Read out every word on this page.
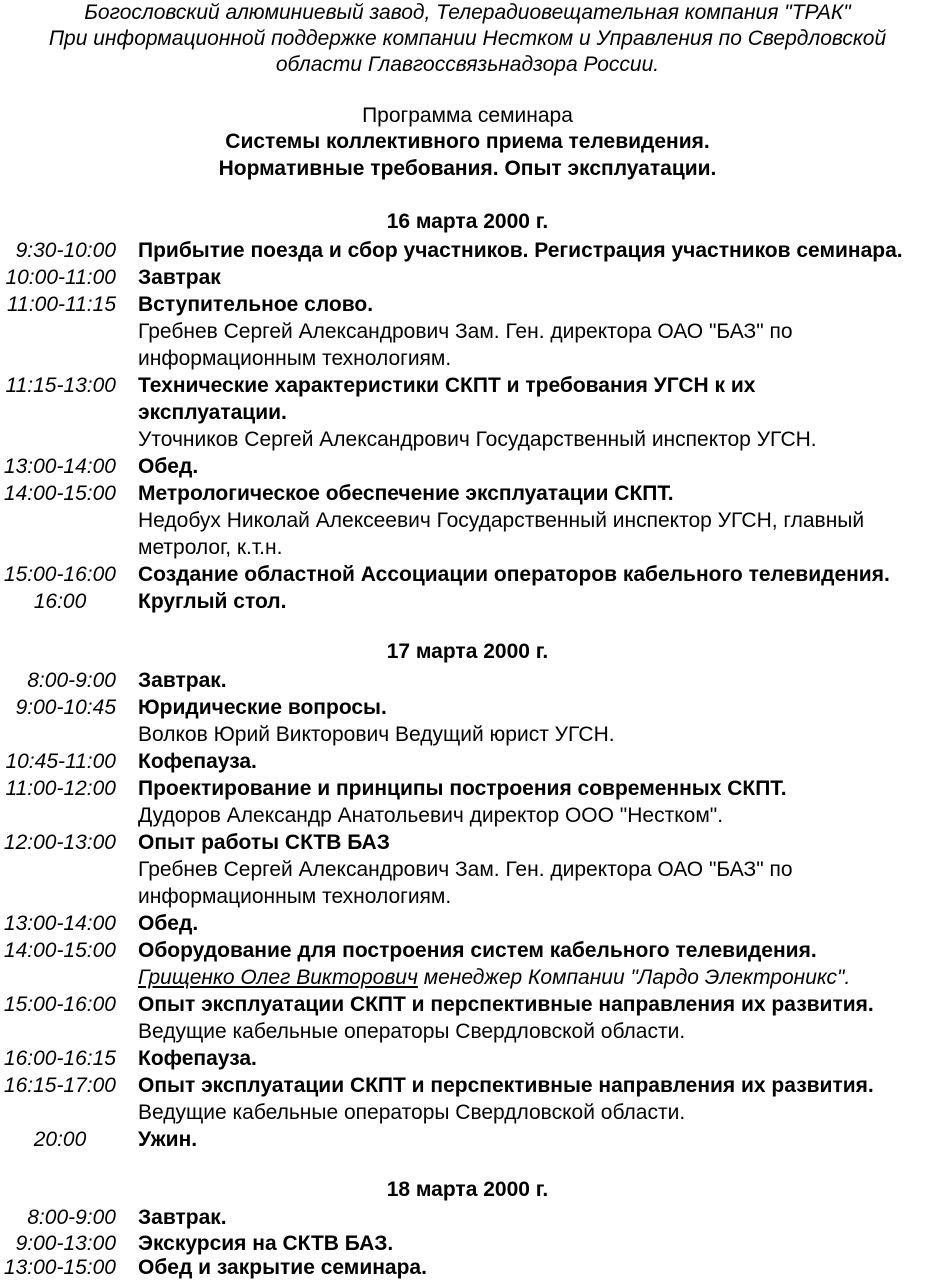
Богословский алюминиевый завод, Телерадиовещательная компания "ТРАК"
При информационной поддержке компании Нестком и Управления по Свердловской
области Главгоссвязьнадзора России.
Программа семинара
Системы коллективного приема телевидения.
Нормативные требования. Опыт эксплуатации.
16 марта 2000 г.
9:30-10:00 Прибытие поезда и сбор участников. Регистрация участников семинара.
10:00-11:00 Завтрак
11:00-11:15 Вступительное слово.
Гребнев Сергей Александрович Зам. Ген. директора ОАО "БАЗ" по
информационным технологиям.
11:15-13:00 Технические характеристики СКПТ и требования УГСН к их
эксплуатации.
Уточников Сергей Александрович Государственный инспектор УГСН.
13:00-14:00 Обед.
14:00-15:00 Метрологическое обеспечение эксплуатации СКПТ.
Недобух Николай Алексеевич Государственный инспектор УГСН, главный
метролог, к.т.н.
15:00-16:00 Создание областной Ассоциации операторов кабельного телевидения.
16:00	Круглый стол.
17 марта 2000 г.
8:00-9:00 Завтрак.
9:00-10:45 Юридические вопросы.
Волков Юрий Викторович Ведущий юрист УГСН.
10:45-11:00 Кофепауза.
11:00-12:00 Проектирование и принципы построения современных СКПТ.
Дудоров Александр Анатольевич директор ООО "Нестком".
12:00-13:00 Опыт работы СКТВ БАЗ
Гребнев Сергей Александрович Зам. Ген. директора ОАО "БАЗ" по
информационным технологиям.
13:00-14:00 Обед.
14:00-15:00 Оборудование для построения систем кабельного телевидения.
Грищенко Олег Викторович менеджер Компании "Лардо Электроникс".
15:00-16:00 Опыт эксплуатации СКПТ и перспективные направления их развития.
Ведущие кабельные операторы Свердловской области.
16:00-16:15 Кофепауза.
16:15-17:00 Опыт эксплуатации СКПТ и перспективные направления их развития.
Ведущие кабельные операторы Свердловской области.
20:00	Ужин.
18 марта 2000 г.
8:00-9:00 Завтрак.
9:00-13:00 Экскурсия на СКТВ БАЗ.
13:00-15:00 Обед и закрытие семинара.
